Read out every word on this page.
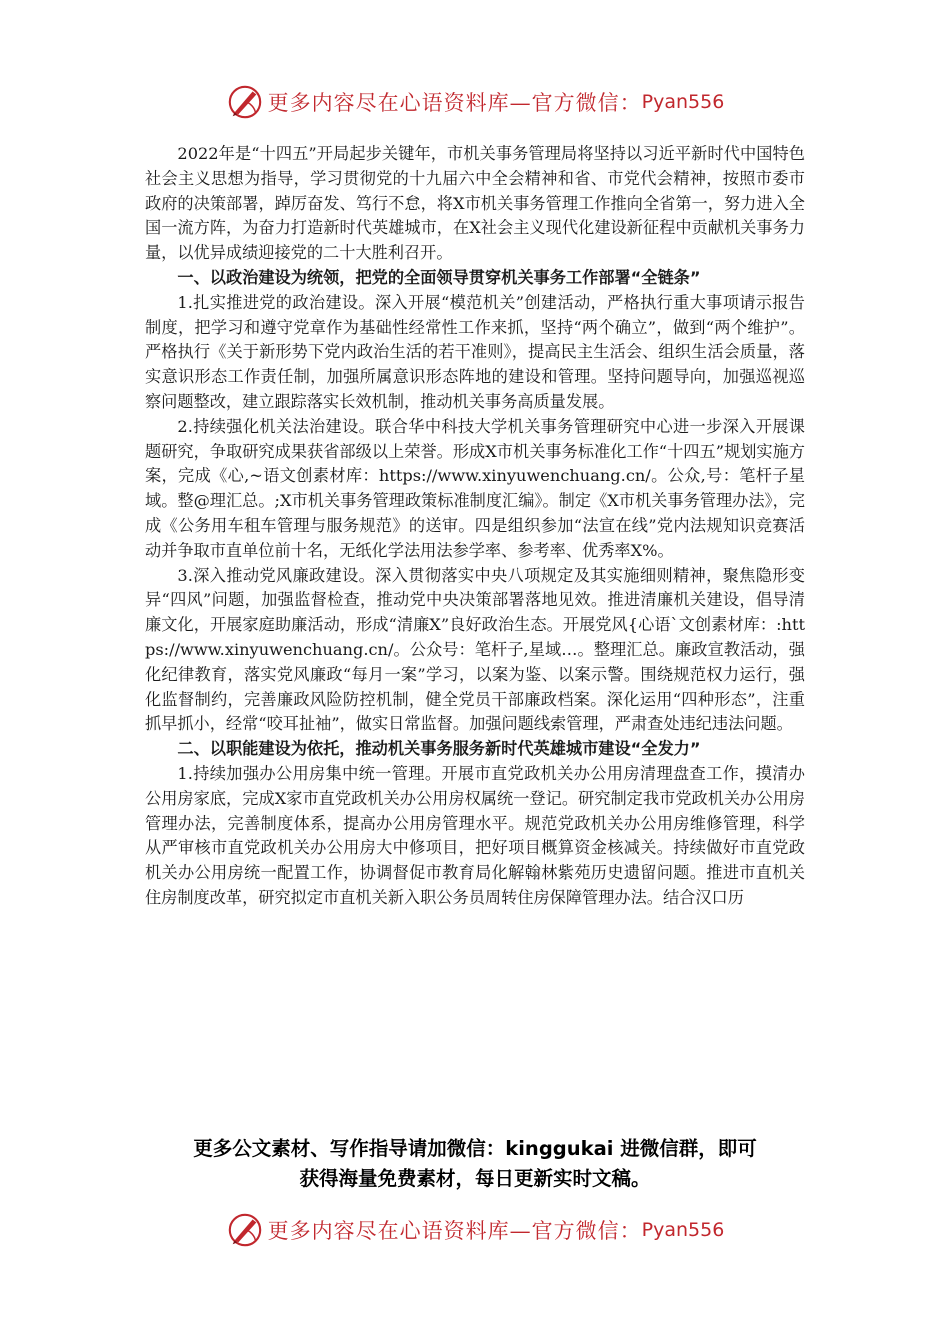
更多内容尽在心语资料库—官方微信： Pyan556

2022年是“十四五”开局起步关键年，市机关事务管理局将坚持以习近平新时代中国特色社会主义思想为指导，学习贯彻党的十九届六中全会精神和省、市党代会精神，按照市委市政府的决策部署，踔厉奋发、笃行不怠，将X市机关事务管理工作推向全省第一，努力进入全国一流方阵，为奋力打造新时代英雄城市，在X社会主义现代化建设新征程中贡献机关事务力量，以优异成绩迎接党的二十大胜利召开。

一、以政治建设为统领，把党的全面领导贯穿机关事务工作部署“全链条”

1.扎实推进党的政治建设。深入开展“模范机关”创建活动，严格执行重大事项请示报告制度，把学习和遵守党章作为基础性经常性工作来抓，坚持“两个确立”，做到“两个维护”。严格执行《关于新形势下党内政治生活的若干准则》，提高民主生活会、组织生活会质量，落实意识形态工作责任制，加强所属意识形态阵地的建设和管理。坚持问题导向，加强巡视巡察问题整改，建立跟踪落实长效机制，推动机关事务高质量发展。

2.持续强化机关法治建设。联合华中科技大学机关事务管理研究中心进一步深入开展课题研究，争取研究成果获省部级以上荣誉。形成X市机关事务标准化工作“十四五”规划实施方案，完成《心,~语文创素材库：https://www.xinyuwenchuang.cn/。公众,号：笔杆子星域。整@理汇总。;X市机关事务管理政策标准制度汇编》。制定《X市机关事务管理办法》，完成《公务用车租车管理与服务规范》的送审。四是组织参加“法宣在线”党内法规知识竞赛活动并争取市直单位前十名，无纸化学法用法参学率、参考率、优秀率X%。

3.深入推动党风廉政建设。深入贯彻落实中央八项规定及其实施细则精神，聚焦隐形变异“四风”问题，加强监督检查，推动党中央决策部署落地见效。推进清廉机关建设，倡导清廉文化，开展家庭助廉活动，形成“清廉X”良好政治生态。开展党风{心语`文创素材库：:https://www.xinyuwenchuang.cn/。公众号：笔杆子,星域…。整理汇总。廉政宣教活动，强化纪律教育，落实党风廉政“每月一案”学习，以案为鉴、以案示警。围绕规范权力运行，强化监督制约，完善廉政风险防控机制，健全党员干部廉政档案。深化运用“四种形态”，注重抓早抓小，经常“咬耳扯袖”，做实日常监督。加强问题线索管理，严肃查处违纪违法问题。

二、以职能建设为依托，推动机关事务服务新时代英雄城市建设“全发力”

1.持续加强办公用房集中统一管理。开展市直党政机关办公用房清理盘查工作，摸清办公用房家底，完成X家市直党政机关办公用房权属统一登记。研究制定我市党政机关办公用房管理办法，完善制度体系，提高办公用房管理水平。规范党政机关办公用房维修管理，科学从严审核市直党政机关办公用房大中修项目，把好项目概算资金核减关。持续做好市直党政机关办公用房统一配置工作，协调督促市教育局化解翰林紫苑历史遗留问题。推进市直机关住房制度改革，研究拟定市直机关新入职公务员周转住房保障管理办法。结合汉口历

更多公文素材、写作指导请加微信：kinggukai 进微信群，即可
获得海量免费素材，每日更新实时文稿。
更多内容尽在心语资料库—官方微信： Pyan556
